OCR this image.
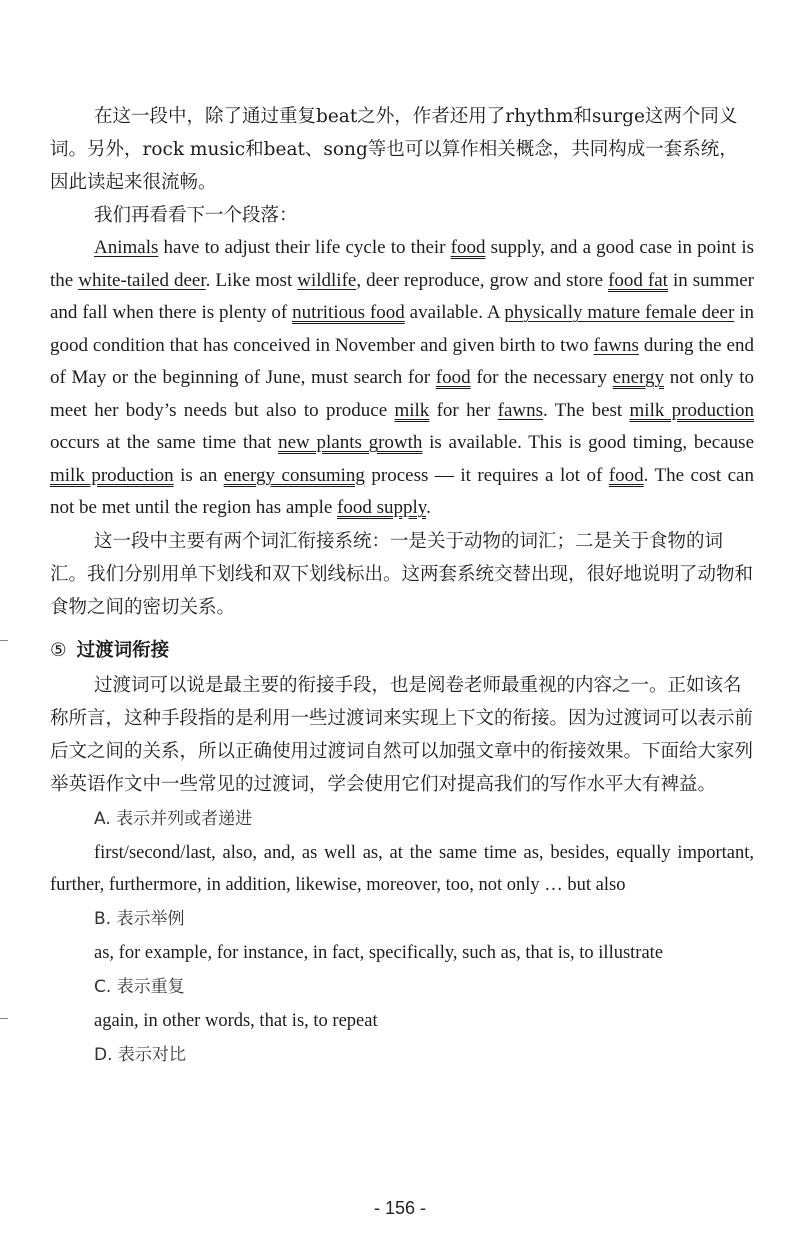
在这一段中，除了通过重复beat之外，作者还用了rhythm和surge这两个同义词。另外，rock music和beat、song等也可以算作相关概念，共同构成一套系统，因此读起来很流畅。

我们再看看下一个段落：

Animals have to adjust their life cycle to their food supply, and a good case in point is the white-tailed deer. Like most wildlife, deer reproduce, grow and store food fat in summer and fall when there is plenty of nutritious food available. A physically mature female deer in good condition that has conceived in November and given birth to two fawns during the end of May or the beginning of June, must search for food for the necessary energy not only to meet her body’s needs but also to produce milk for her fawns. The best milk production occurs at the same time that new plants growth is available. This is good timing, because milk production is an energy consuming process — it requires a lot of food. The cost can not be met until the region has ample food supply.

这一段中主要有两个词汇衔接系统：一是关于动物的词汇；二是关于食物的词汇。我们分别用单下划线和双下划线标出。这两套系统交替出现，很好地说明了动物和食物之间的密切关系。

⑤ 过渡词衔接

过渡词可以说是最主要的衔接手段，也是阅卷老师最重视的内容之一。正如该名称所言，这种手段指的是利用一些过渡词来实现上下文的衔接。因为过渡词可以表示前后文之间的关系，所以正确使用过渡词自然可以加强文章中的衔接效果。下面给大家列举英语作文中一些常见的过渡词，学会使用它们对提高我们的写作水平大有裨益。

A. 表示并列或者递进

first/second/last, also, and, as well as, at the same time as, besides, equally important, further, furthermore, in addition, likewise, moreover, too, not only … but also

B. 表示举例

as, for example, for instance, in fact, specifically, such as, that is, to illustrate

C. 表示重复

again, in other words, that is, to repeat

D. 表示对比
- 156 -
